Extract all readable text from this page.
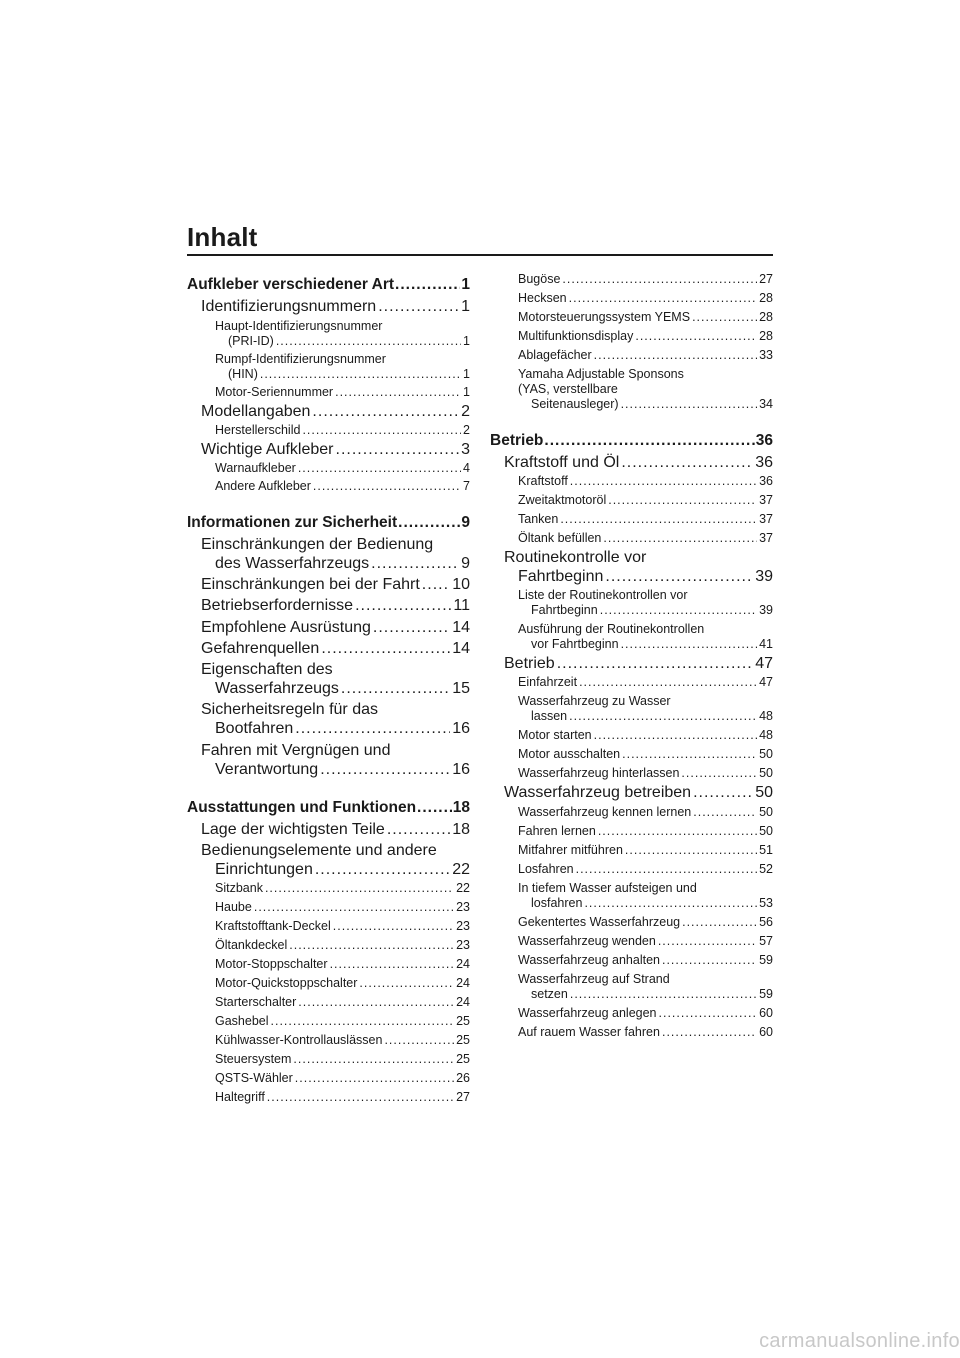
Inhalt
Aufkleber verschiedener Art .....	1
Identifizierungsnummern .....	1
Haupt-Identifizierungsnummer
(PRI-ID) .....	1
Rumpf-Identifizierungsnummer
(HIN) .....	1
Motor-Seriennummer .....	1
Modellangaben .....	2
Herstellerschild .....	2
Wichtige Aufkleber .....	3
Warnaufkleber .....	4
Andere Aufkleber .....	7
Informationen zur Sicherheit .....	9
Einschränkungen der Bedienung
des Wasserfahrzeugs .....	9
Einschränkungen bei der Fahrt ..... 10
Betriebserfordernisse .....	11
Empfohlene Ausrüstung .....	14
Gefahrenquellen .....	14
Eigenschaften des
Wasserfahrzeugs .....	15
Sicherheitsregeln für das
Bootfahren .....	16
Fahren mit Vergnügen und
Verantwortung .....	16
Ausstattungen und Funktionen ..... 18
Lage der wichtigsten Teile .....	18
Bedienungselemente und andere
Einrichtungen .....	22
Sitzbank .....	22
Haube .....	23
Kraftstofftank-Deckel .....	23
Öltankdeckel .....	23
Motor-Stoppschalter .....	24
Motor-Quickstoppschalter .....	24
Starterschalter .....	24
Gashebel .....	25
Kühlwasser-Kontrollauslässen .....	25
Steuersystem .....	25
QSTS-Wähler .....	26
Haltegriff .....	27
Bugöse .....	27
Hecksen .....	28
Motorsteuerungssystem YEMS .....	28
Multifunktionsdisplay .....	28
Ablagefächer .....	33
Yamaha Adjustable Sponsons
(YAS, verstellbare
Seitenausleger) .....	34
Betrieb .....	36
Kraftstoff und Öl .....	36
Kraftstoff .....	36
Zweitaktmotoröl .....	37
Tanken .....	37
Öltank befüllen .....	37
Routinekontrolle vor
Fahrtbeginn .....	39
Liste der Routinekontrollen vor
Fahrtbeginn .....	39
Ausführung der Routinekontrollen
vor Fahrtbeginn .....	41
Betrieb .....	47
Einfahrzeit .....	47
Wasserfahrzeug zu Wasser
lassen .....	48
Motor starten .....	48
Motor ausschalten .....	50
Wasserfahrzeug hinterlassen .....	50
Wasserfahrzeug betreiben .....	50
Wasserfahrzeug kennen lernen .....	50
Fahren lernen .....	50
Mitfahrer mitführen .....	51
Losfahren .....	52
In tiefem Wasser aufsteigen und
losfahren .....	53
Gekentertes Wasserfahrzeug .....	56
Wasserfahrzeug wenden .....	57
Wasserfahrzeug anhalten .....	59
Wasserfahrzeug auf Strand
setzen .....	59
Wasserfahrzeug anlegen .....	60
Auf rauem Wasser fahren .....	60
carmanualsonline.info
